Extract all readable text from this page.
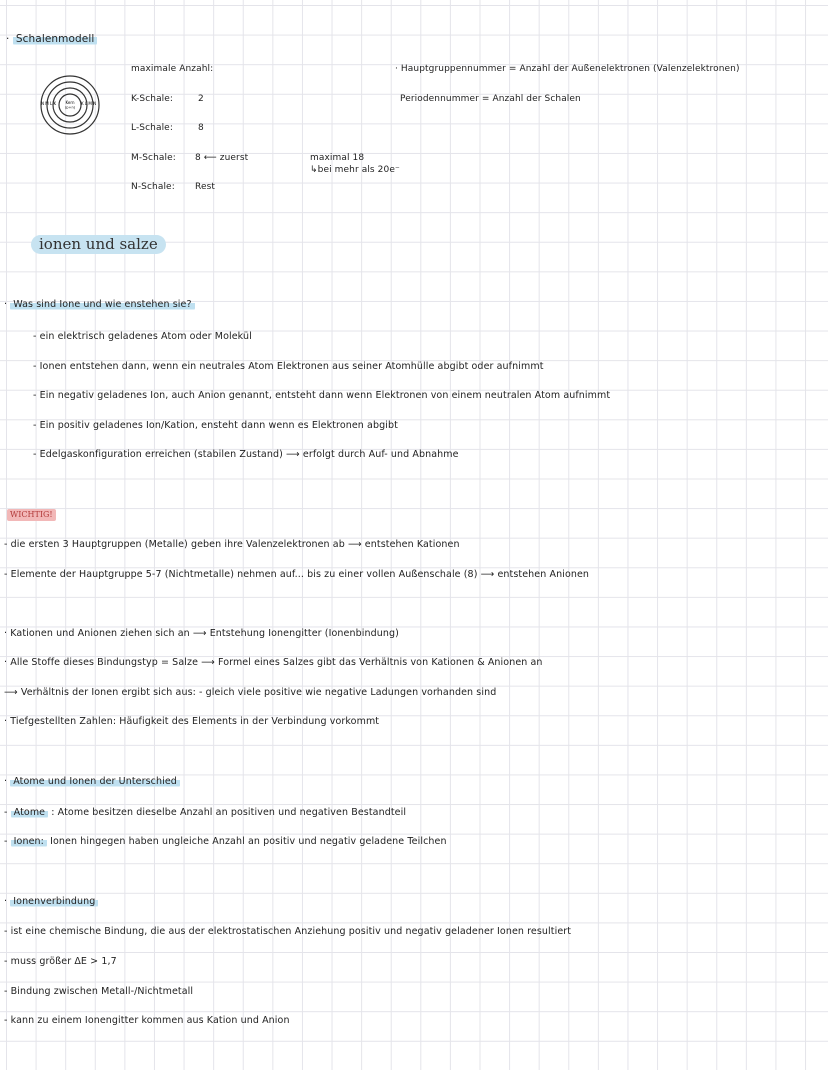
· Schalenmodell
Kern
(p+n)
N M L K	K L M N
maximale Anzahl:
K-Schale:	2
L-Schale:	8
M-Schale: 8 ⟵ zuerst
N-Schale: Rest
maximal 18
↳bei mehr als 20e⁻
· Hauptgruppennummer = Anzahl der Außenelektronen (Valenzelektronen)
Periodennummer = Anzahl der Schalen
ionen und salze
· Was sind Ione und wie enstehen sie?
- ein elektrisch geladenes Atom oder Molekül
- Ionen entstehen dann, wenn ein neutrales Atom Elektronen aus seiner Atomhülle abgibt oder aufnimmt
- Ein negativ geladenes Ion, auch Anion genannt, entsteht dann wenn Elektronen von einem neutralen Atom aufnimmt
- Ein positiv geladenes Ion/Kation, ensteht dann wenn es Elektronen abgibt
- Edelgaskonfiguration erreichen (stabilen Zustand) ⟶ erfolgt durch Auf- und Abnahme
WICHTIG!
- die ersten 3 Hauptgruppen (Metalle) geben ihre Valenzelektronen ab ⟶ entstehen Kationen
- Elemente der Hauptgruppe 5-7 (Nichtmetalle) nehmen auf... bis zu einer vollen Außenschale (8) ⟶ entstehen Anionen
· Kationen und Anionen ziehen sich an ⟶ Entstehung Ionengitter (Ionenbindung)
· Alle Stoffe dieses Bindungstyp = Salze ⟶ Formel eines Salzes gibt das Verhältnis von Kationen & Anionen an
⟶ Verhältnis der Ionen ergibt sich aus: - gleich viele positive wie negative Ladungen vorhanden sind
· Tiefgestellten Zahlen: Häufigkeit des Elements in der Verbindung vorkommt
· Atome und Ionen der Unterschied
- Atome : Atome besitzen dieselbe Anzahl an positiven und negativen Bestandteil
- Ionen: Ionen hingegen haben ungleiche Anzahl an positiv und negativ geladene Teilchen
· Ionenverbindung
- ist eine chemische Bindung, die aus der elektrostatischen Anziehung positiv und negativ geladener Ionen resultiert
- muss größer ΔE > 1,7
- Bindung zwischen Metall-/Nichtmetall
- kann zu einem Ionengitter kommen aus Kation und Anion
